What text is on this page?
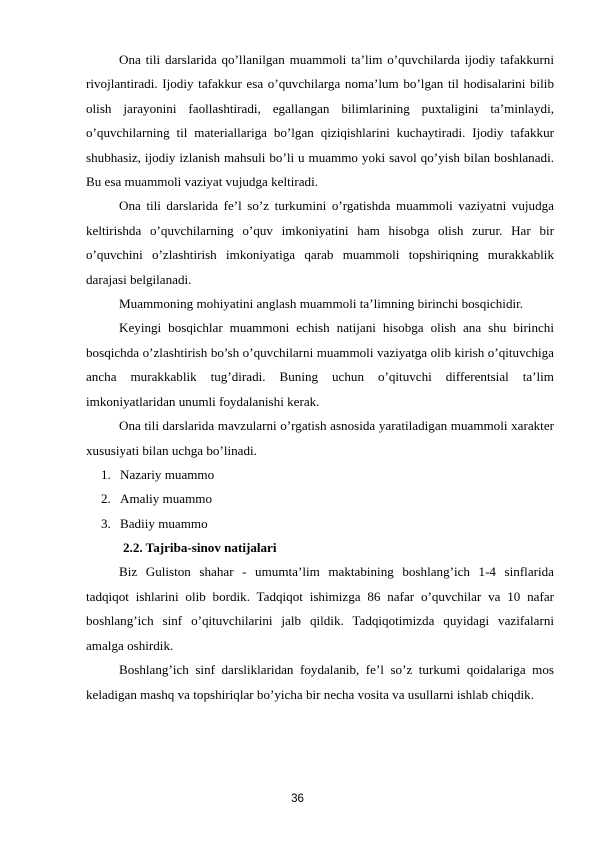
Ona tili darslarida qo’llanilgan muammoli ta’lim o’quvchilarda ijodiy tafakkurni rivojlantiradi. Ijodiy tafakkur esa o’quvchilarga noma’lum bo’lgan til hodisalarini bilib olish jarayonini faollashtiradi, egallangan bilimlarining puxtaligini ta’minlaydi, o’quvchilarning til materiallariga bo’lgan qiziqishlarini kuchaytiradi. Ijodiy tafakkur shubhasiz, ijodiy izlanish mahsuli bo’li u muammo yoki savol qo’yish bilan boshlanadi. Bu esa muammoli vaziyat vujudga keltiradi.

Ona tili darslarida fe’l so’z turkumini o’rgatishda muammoli vaziyatni vujudga keltirishda o’quvchilarning o’quv imkoniyatini ham hisobga olish zurur. Har bir o’quvchini o’zlashtirish imkoniyatiga qarab muammoli topshiriqning murakkablik darajasi belgilanadi.

Muammoning mohiyatini anglash muammoli ta’limning birinchi bosqichidir.

Keyingi bosqichlar muammoni echish natijani hisobga olish ana shu birinchi bosqichda o’zlashtirish bo’sh o’quvchilarni muammoli vaziyatga olib kirish o’qituvchiga ancha murakkablik tug’diradi. Buning uchun o’qituvchi differentsial ta’lim imkoniyatlaridan unumli foydalanishi kerak.

Ona tili darslarida mavzularni o’rgatish asnosida yaratiladigan muammoli xarakter xususiyati bilan uchga bo’linadi.

1. Nazariy muammo
2. Amaliy muammo
3. Badiiy muammo
2.2. Tajriba-sinov natijalari

Biz Guliston shahar - umumta’lim maktabining boshlang’ich 1-4 sinflarida tadqiqot ishlarini olib bordik. Tadqiqot ishimizga 86 nafar o’quvchilar va 10 nafar boshlang’ich sinf o’qituvchilarini jalb qildik. Tadqiqotimizda quyidagi vazifalarni amalga oshirdik.

Boshlang’ich sinf darsliklaridan foydalanib, fe’l so’z turkumi qoidalariga mos keladigan mashq va topshiriqlar bo’yicha bir necha vosita va usullarni ishlab chiqdik.

36
